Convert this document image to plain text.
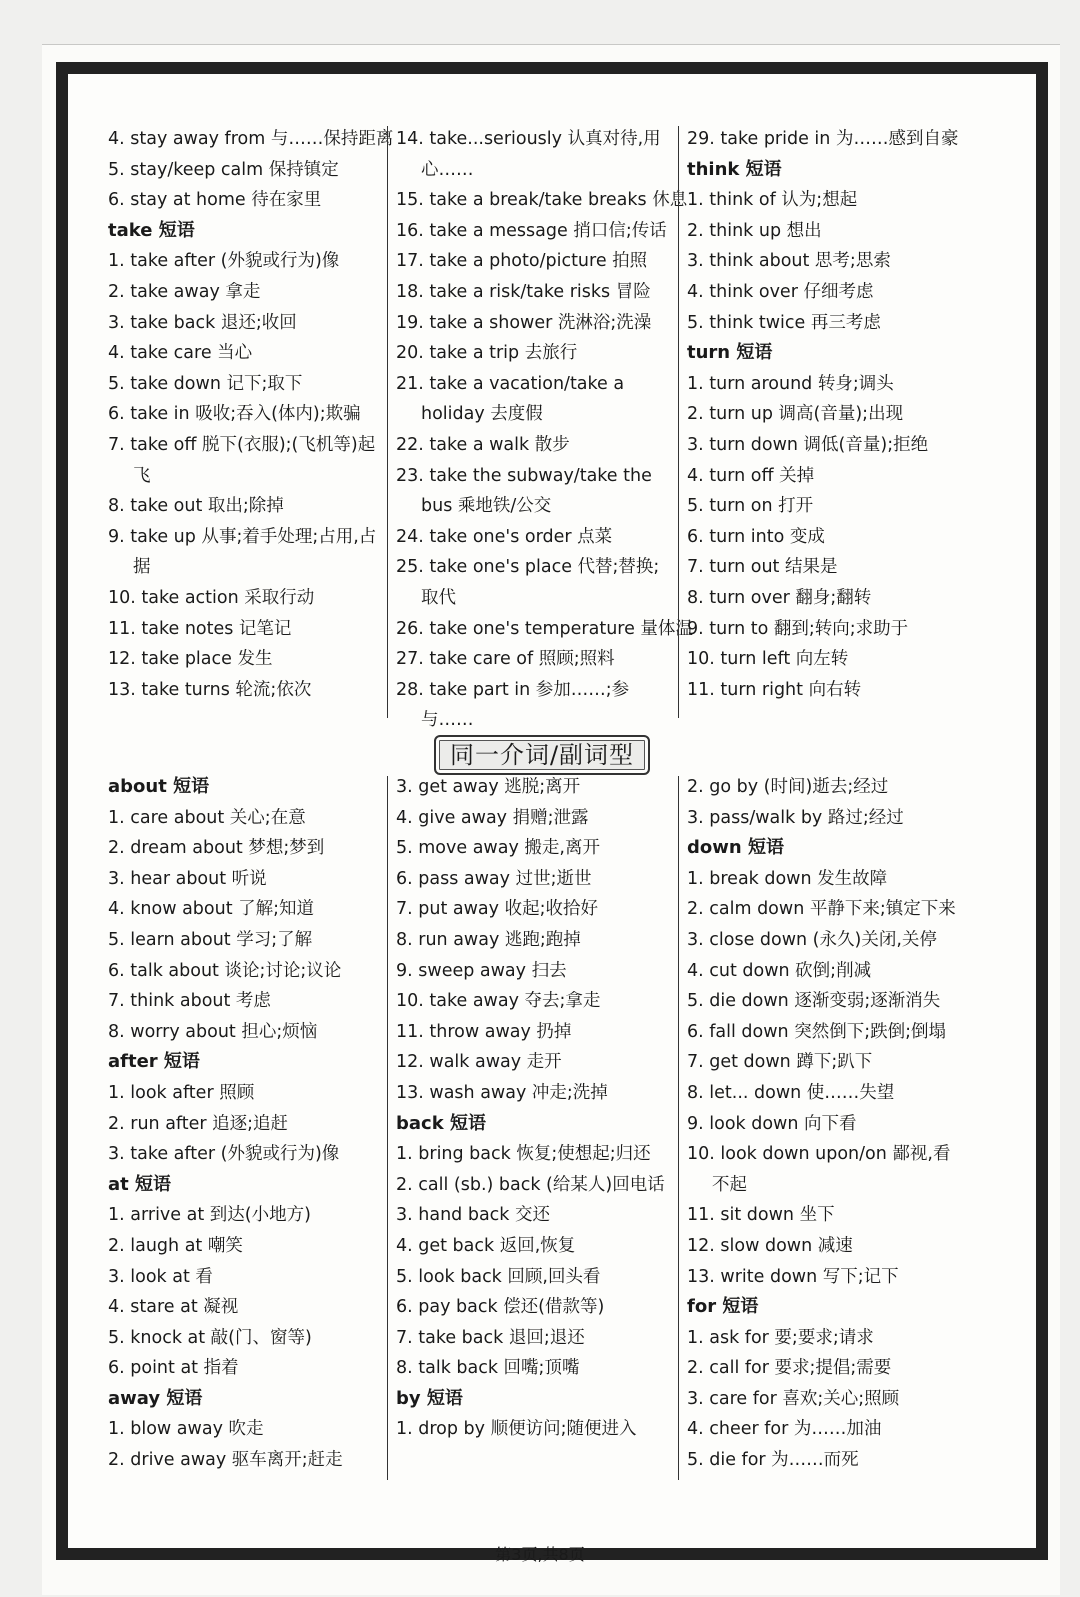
4. stay away from 与……保持距离
5. stay/keep calm 保持镇定
6. stay at home 待在家里
take 短语
1. take after (外貌或行为)像
2. take away 拿走
3. take back 退还;收回
4. take care 当心
5. take down 记下;取下
6. take in 吸收;吞入(体内);欺骗
7. take off 脱下(衣服);(飞机等)起飞
8. take out 取出;除掉
9. take up 从事;着手处理;占用,占据
10. take action 采取行动
11. take notes 记笔记
12. take place 发生
13. take turns 轮流;依次
14. take...seriously 认真对待,用心……
15. take a break/take breaks 休息
16. take a message 捎口信;传话
17. take a photo/picture 拍照
18. take a risk/take risks 冒险
19. take a shower 洗淋浴;洗澡
20. take a trip 去旅行
21. take a vacation/take a holiday 去度假
22. take a walk 散步
23. take the subway/take the bus 乘地铁/公交
24. take one's order 点菜
25. take one's place 代替;替换;取代
26. take one's temperature 量体温
27. take care of 照顾;照料
28. take part in 参加……;参与……
29. take pride in 为……感到自豪
think 短语
1. think of 认为;想起
2. think up 想出
3. think about 思考;思索
4. think over 仔细考虑
5. think twice 再三考虑
turn 短语
1. turn around 转身;调头
2. turn up 调高(音量);出现
3. turn down 调低(音量);拒绝
4. turn off 关掉
5. turn on 打开
6. turn into 变成
7. turn out 结果是
8. turn over 翻身;翻转
9. turn to 翻到;转向;求助于
10. turn left 向左转
11. turn right 向右转
同一介词/副词型
about 短语
1. care about 关心;在意
2. dream about 梦想;梦到
3. hear about 听说
4. know about 了解;知道
5. learn about 学习;了解
6. talk about 谈论;讨论;议论
7. think about 考虑
8. worry about 担心;烦恼
after 短语
1. look after 照顾
2. run after 追逐;追赶
3. take after (外貌或行为)像
at 短语
1. arrive at 到达(小地方)
2. laugh at 嘲笑
3. look at 看
4. stare at 凝视
5. knock at 敲(门、窗等)
6. point at 指着
away 短语
1. blow away 吹走
2. drive away 驱车离开;赶走
3. get away 逃脱;离开
4. give away 捐赠;泄露
5. move away 搬走,离开
6. pass away 过世;逝世
7. put away 收起;收拾好
8. run away 逃跑;跑掉
9. sweep away 扫去
10. take away 夺去;拿走
11. throw away 扔掉
12. walk away 走开
13. wash away 冲走;洗掉
back 短语
1. bring back 恢复;使想起;归还
2. call (sb.) back (给某人)回电话
3. hand back 交还
4. get back 返回,恢复
5. look back 回顾,回头看
6. pay back 偿还(借款等)
7. take back 退回;退还
8. talk back 回嘴;顶嘴
by 短语
1. drop by 顺便访问;随便进入
2. go by (时间)逝去;经过
3. pass/walk by 路过;经过
down 短语
1. break down 发生故障
2. calm down 平静下来;镇定下来
3. close down (永久)关闭,关停
4. cut down 砍倒;削减
5. die down 逐渐变弱;逐渐消失
6. fall down 突然倒下;跌倒;倒塌
7. get down 蹲下;趴下
8. let... down 使……失望
9. look down 向下看
10. look down upon/on 鄙视,看不起
11. sit down 坐下
12. slow down 减速
13. write down 写下;记下
for 短语
1. ask for 要;要求;请求
2. call for 要求;提倡;需要
3. care for 喜欢;关心;照顾
4. cheer for 为……加油
5. die for 为……而死
第3页,共8页
